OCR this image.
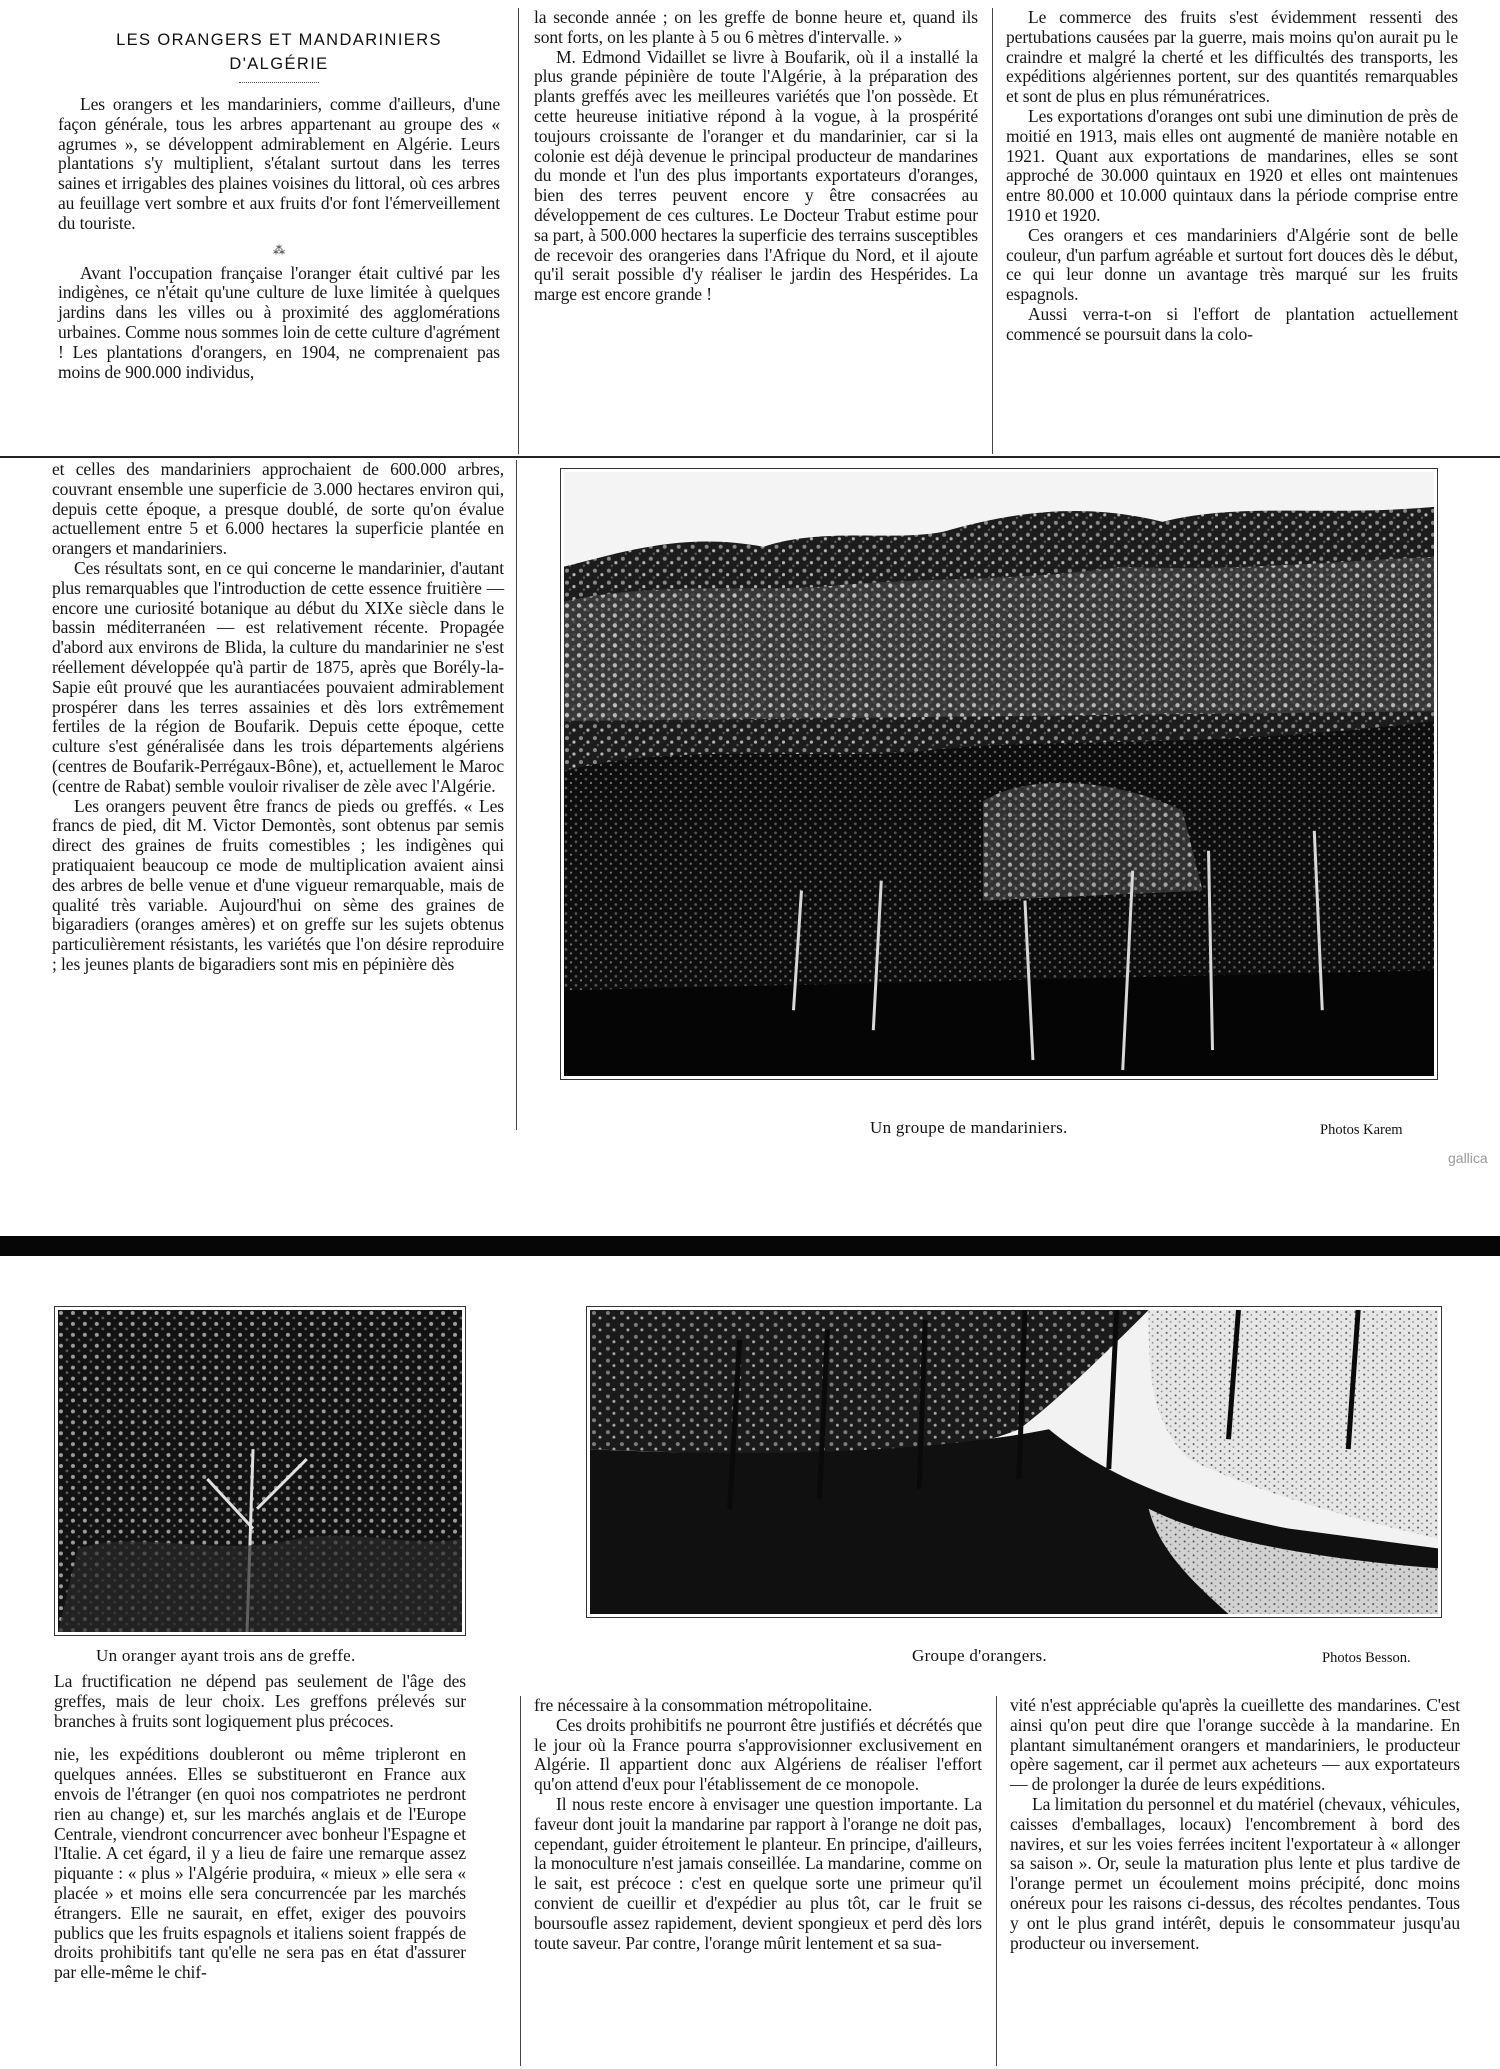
LES ORANGERS ET MANDARINIERS
D'ALGÉRIE

Les orangers et les mandariniers, comme d'ailleurs, d'une façon générale, tous les arbres appartenant au groupe des « agrumes », se développent admirablement en Algérie. Leurs plantations s'y multiplient, s'étalant surtout dans les terres saines et irrigables des plaines voisines du littoral, où ces arbres au feuillage vert sombre et aux fruits d'or font l'émerveillement du touriste.

⁂

Avant l'occupation française l'oranger était cultivé par les indigènes, ce n'était qu'une culture de luxe limitée à quelques jardins dans les villes ou à proximité des agglomérations urbaines. Comme nous sommes loin de cette culture d'agrément ! Les plantations d'orangers, en 1904, ne comprenaient pas moins de 900.000 individus,

la seconde année ; on les greffe de bonne heure et, quand ils sont forts, on les plante à 5 ou 6 mètres d'intervalle. »

M. Edmond Vidaillet se livre à Boufarik, où il a installé la plus grande pépinière de toute l'Algérie, à la préparation des plants greffés avec les meilleures variétés que l'on possède. Et cette heureuse initiative répond à la vogue, à la prospérité toujours croissante de l'oranger et du mandarinier, car si la colonie est déjà devenue le principal producteur de mandarines du monde et l'un des plus importants exportateurs d'oranges, bien des terres peuvent encore y être consacrées au développement de ces cultures. Le Docteur Trabut estime pour sa part, à 500.000 hectares la superficie des terrains susceptibles de recevoir des orangeries dans l'Afrique du Nord, et il ajoute qu'il serait possible d'y réaliser le jardin des Hespérides. La marge est encore grande !

Le commerce des fruits s'est évidemment ressenti des pertubations causées par la guerre, mais moins qu'on aurait pu le craindre et malgré la cherté et les difficultés des transports, les expéditions algériennes portent, sur des quantités remarquables et sont de plus en plus rémunératrices.

Les exportations d'oranges ont subi une diminution de près de moitié en 1913, mais elles ont augmenté de manière notable en 1921. Quant aux exportations de mandarines, elles se sont approché de 30.000 quintaux en 1920 et elles ont maintenues entre 80.000 et 10.000 quintaux dans la période comprise entre 1910 et 1920.

Ces orangers et ces mandariniers d'Algérie sont de belle couleur, d'un parfum agréable et surtout fort douces dès le début, ce qui leur donne un avantage très marqué sur les fruits espagnols.

Aussi verra-t-on si l'effort de plantation actuellement commencé se poursuit dans la colo-

et celles des mandariniers approchaient de 600.000 arbres, couvrant ensemble une superficie de 3.000 hectares environ qui, depuis cette époque, a presque doublé, de sorte qu'on évalue actuellement entre 5 et 6.000 hectares la superficie plantée en orangers et mandariniers.

Ces résultats sont, en ce qui concerne le mandarinier, d'autant plus remarquables que l'introduction de cette essence fruitière — encore une curiosité botanique au début du XIXe siècle dans le bassin méditerranéen — est relativement récente. Propagée d'abord aux environs de Blida, la culture du mandarinier ne s'est réellement développée qu'à partir de 1875, après que Borély-la-Sapie eût prouvé que les aurantiacées pouvaient admirablement prospérer dans les terres assainies et dès lors extrêmement fertiles de la région de Boufarik. Depuis cette époque, cette culture s'est généralisée dans les trois départements algériens (centres de Boufarik-Perrégaux-Bône), et, actuellement le Maroc (centre de Rabat) semble vouloir rivaliser de zèle avec l'Algérie.

Les orangers peuvent être francs de pieds ou greffés. « Les francs de pied, dit M. Victor Demontès, sont obtenus par semis direct des graines de fruits comestibles ; les indigènes qui pratiquaient beaucoup ce mode de multiplication avaient ainsi des arbres de belle venue et d'une vigueur remarquable, mais de qualité très variable. Aujourd'hui on sème des graines de bigaradiers (oranges amères) et on greffe sur les sujets obtenus particulièrement résistants, les variétés que l'on désire reproduire ; les jeunes plants de bigaradiers sont mis en pépinière dès

Un groupe de mandariniers.	Photos Karem
gallica
Un oranger ayant trois ans de greffe.	Groupe d'orangers.	Photos Besson.

La fructification ne dépend pas seulement de l'âge des greffes, mais de leur choix. Les greffons prélevés sur branches à fruits sont logiquement plus précoces.

nie, les expéditions doubleront ou même tripleront en quelques années. Elles se substitueront en France aux envois de l'étranger (en quoi nos compatriotes ne perdront rien au change) et, sur les marchés anglais et de l'Europe Centrale, viendront concurrencer avec bonheur l'Espagne et l'Italie. A cet égard, il y a lieu de faire une remarque assez piquante : « plus » l'Algérie produira, « mieux » elle sera « placée » et moins elle sera concurrencée par les marchés étrangers. Elle ne saurait, en effet, exiger des pouvoirs publics que les fruits espagnols et italiens soient frappés de droits prohibitifs tant qu'elle ne sera pas en état d'assurer par elle-même le chif-

fre nécessaire à la consommation métropolitaine.

Ces droits prohibitifs ne pourront être justifiés et décrétés que le jour où la France pourra s'approvisionner exclusivement en Algérie. Il appartient donc aux Algériens de réaliser l'effort qu'on attend d'eux pour l'établissement de ce monopole.

Il nous reste encore à envisager une question importante. La faveur dont jouit la mandarine par rapport à l'orange ne doit pas, cependant, guider étroitement le planteur. En principe, d'ailleurs, la monoculture n'est jamais conseillée. La mandarine, comme on le sait, est précoce : c'est en quelque sorte une primeur qu'il convient de cueillir et d'expédier au plus tôt, car le fruit se boursoufle assez rapidement, devient spongieux et perd dès lors toute saveur. Par contre, l'orange mûrit lentement et sa sua-

vité n'est appréciable qu'après la cueillette des mandarines. C'est ainsi qu'on peut dire que l'orange succède à la mandarine. En plantant simultanément orangers et mandariniers, le producteur opère sagement, car il permet aux acheteurs — aux exportateurs — de prolonger la durée de leurs expéditions.

La limitation du personnel et du matériel (chevaux, véhicules, caisses d'emballages, locaux) l'encombrement à bord des navires, et sur les voies ferrées incitent l'exportateur à « allonger sa saison ». Or, seule la maturation plus lente et plus tardive de l'orange permet un écoulement moins précipité, donc moins onéreux pour les raisons ci-dessus, des récoltes pendantes. Tous y ont le plus grand intérêt, depuis le consommateur jusqu'au producteur ou inversement.
